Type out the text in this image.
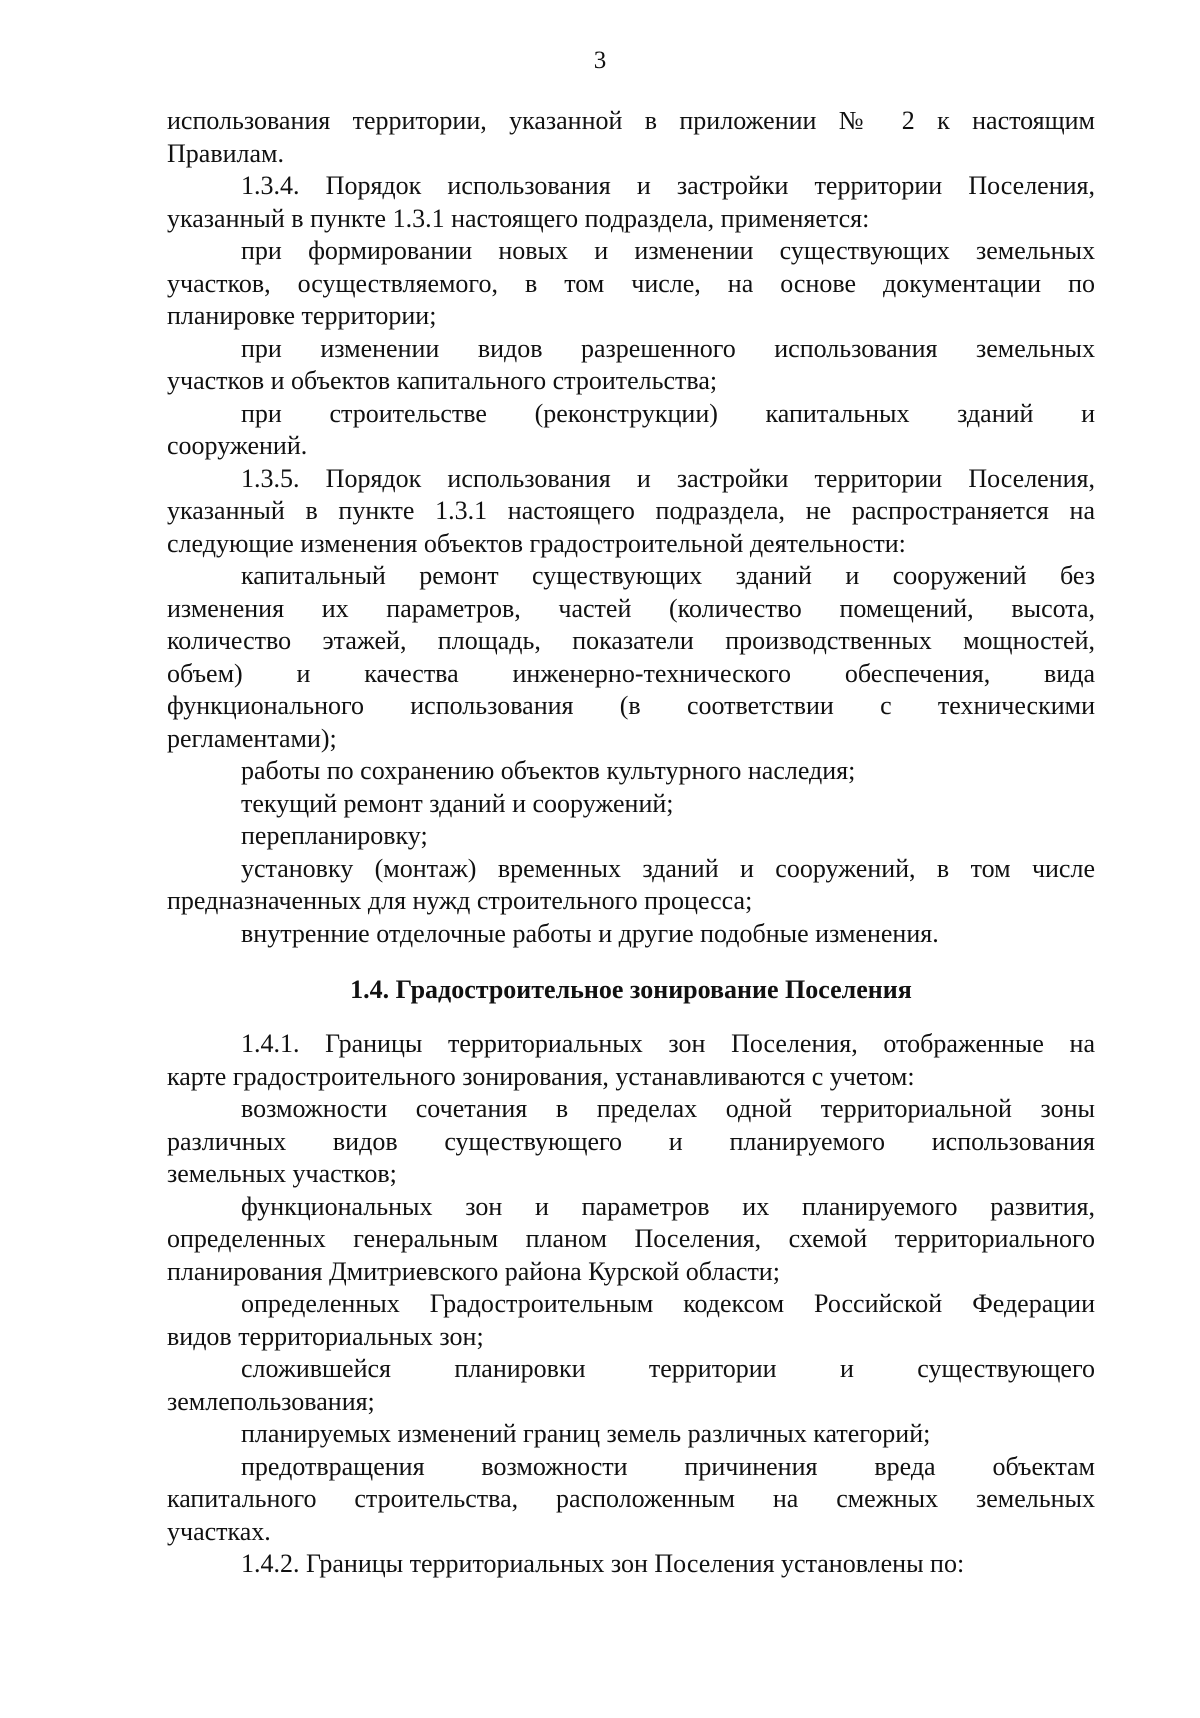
3
использования территории, указанной в приложении № 2 к настоящим
Правилам.
1.3.4. Порядок использования и застройки территории Поселения,
указанный в пункте 1.3.1 настоящего подраздела, применяется:
при формировании новых и изменении существующих земельных
участков, осуществляемого, в том числе, на основе документации по
планировке территории;
при изменении видов разрешенного использования земельных
участков и объектов капитального строительства;
при строительстве (реконструкции) капитальных зданий и
сооружений.
1.3.5. Порядок использования и застройки территории Поселения,
указанный в пункте 1.3.1 настоящего подраздела, не распространяется на
следующие изменения объектов градостроительной деятельности:
капитальный ремонт существующих зданий и сооружений без
изменения их параметров, частей (количество помещений, высота,
количество этажей, площадь, показатели производственных мощностей,
объем) и качества инженерно-технического обеспечения, вида
функционального использования (в соответствии с техническими
регламентами);
работы по сохранению объектов культурного наследия;
текущий ремонт зданий и сооружений;
перепланировку;
установку (монтаж) временных зданий и сооружений, в том числе
предназначенных для нужд строительного процесса;
внутренние отделочные работы и другие подобные изменения.
1.4. Градостроительное зонирование Поселения
1.4.1. Границы территориальных зон Поселения, отображенные на
карте градостроительного зонирования, устанавливаются с учетом:
возможности сочетания в пределах одной территориальной зоны
различных видов существующего и планируемого использования
земельных участков;
функциональных зон и параметров их планируемого развития,
определенных генеральным планом Поселения, схемой территориального
планирования Дмитриевского района Курской области;
определенных Градостроительным кодексом Российской Федерации
видов территориальных зон;
сложившейся планировки территории и существующего
землепользования;
планируемых изменений границ земель различных категорий;
предотвращения возможности причинения вреда объектам
капитального строительства, расположенным на смежных земельных
участках.
1.4.2. Границы территориальных зон Поселения установлены по:
